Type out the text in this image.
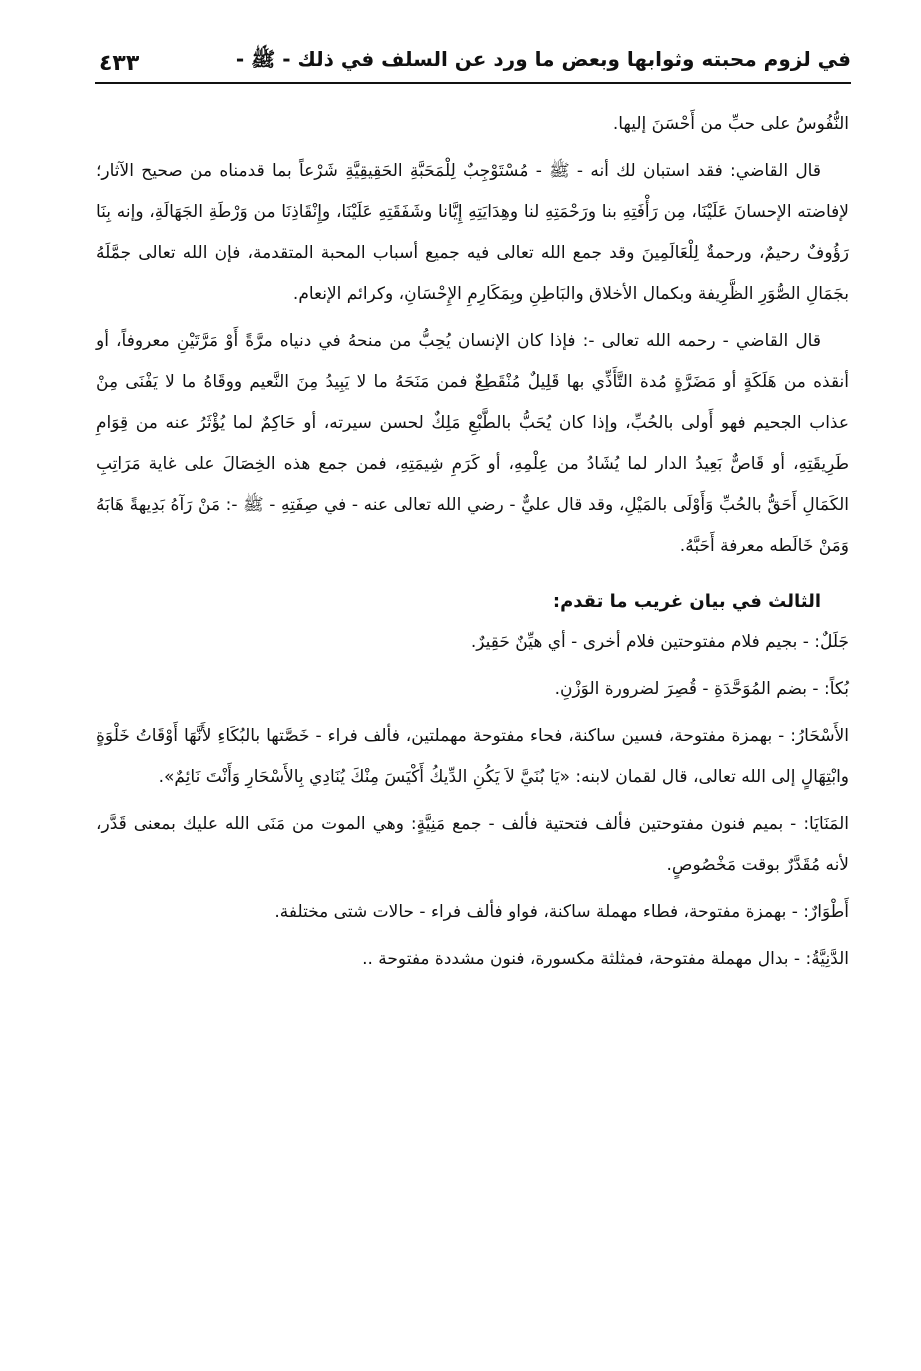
في لزوم محبته وثوابها وبعض ما ورد عن السلف في ذلك - ﷺ -
٤٣٣

النُّفُوسُ على حبِّ من أَحْسَنَ إليها.

قال القاضي: فقد استبان لك أنه - ﷺ - مُسْتَوْجِبٌ لِلْمَحَبَّةِ الحَقِيقِيَّةِ شَرْعاً بما قدمناه من صحيح الآثار؛ لإفاضته الإحسانَ عَلَيْنَا، مِن رَأْفَتِهِ بنا ورَحْمَتِهِ لنا وهِدَايَتِهِ إِيَّانا وشَفَقَتِهِ عَلَيْنَا، وإِنْقَاذِنَا من وَرْطَةِ الجَهَالَةِ، وإنه بِنَا رَؤُوفٌ رحيمٌ، ورحمةٌ لِلْعَالَمِينَ وقد جمع الله تعالى فيه جميع أسباب المحبة المتقدمة، فإن الله تعالى جمَّلَهُ بجَمَالِ الصُّوَرِ الظَّرِيفة وبكمال الأخلاق والبَاطِنِ وبِمَكَارِمِ الإِحْسَانِ، وكرائم الإنعام.

قال القاضي - رحمه الله تعالى -: فإذا كان الإنسان يُحِبُّ من منحهُ في دنياه مرَّةً أَوْ مَرَّتَيْنِ معروفاً، أو أنقذه من هَلَكَةٍ أو مَضَرَّةٍ مُدة التَّأَذِّي بها قَلِيلٌ مُنْقَطِعٌ فمن مَنَحَهُ ما لا يَبِيدُ مِنَ النَّعيم ووقَاهُ ما لا يَفْنَى مِنْ عذاب الجحيم فهو أَولى بالحُبِّ، وإذا كان يُحَبُّ بالطَّبْعِ مَلِكٌ لحسن سيرته، أو حَاكِمٌ لما يُؤْثَرُ عنه من قِوَامِ طَرِيقَتِهِ، أو قَاصٌّ بَعِيدُ الدار لما يُشَادُ من عِلْمِهِ، أو كَرَمِ شِيمَتِهِ، فمن جمع هذه الخِصَالَ على غاية مَرَاتِبِ الكَمَالِ أَحَقُّ بالحُبِّ وَأَوْلَى بالمَيْلِ، وقد قال عليٌّ - رضي الله تعالى عنه - في صِفَتِهِ - ﷺ -: مَنْ رَآهُ بَدِيهةً هَابَهُ وَمَنْ خَالَطه معرفة أَحَبَّهُ.

الثالث في بيان غريب ما تقدم:

جَلَلٌ: - بجيم فلام مفتوحتين فلام أخرى - أي هيِّنٌ حَقِيرٌ.

بُكاً: - بضم المُوَحَّدَةِ - قُصِرَ لضرورة الوَزْنِ.

الأَسْحَارُ: - بهمزة مفتوحة، فسين ساكنة، فحاء مفتوحة مهملتين، فألف فراء - خَصَّتها بالبُكَاءِ لأَنَّهَا أَوْقَاتُ خَلْوَةٍ وابْتِهَالٍ إلى الله تعالى، قال لقمان لابنه: «يَا بُنَيَّ لاَ يَكُنِ الدِّيكُ أَكْيَسَ مِنْكَ يُنَادِي بِالأَسْحَارِ وَأَنْتَ نَائِمٌ».

المَنَايَا: - بميم فنون مفتوحتين فألف فتحتية فألف - جمع مَنِيَّةٍ: وهي الموت من مَنَى الله عليك بمعنى قَدَّر، لأنه مُقَدَّرٌ بوقت مَخْصُوصٍ.

أَطْوَارٌ: - بهمزة مفتوحة، فطاء مهملة ساكنة، فواو فألف فراء - حالات شتى مختلفة.

الدَّنِيَّةُ: - بدال مهملة مفتوحة، فمثلثة مكسورة، فنون مشددة مفتوحة ..
